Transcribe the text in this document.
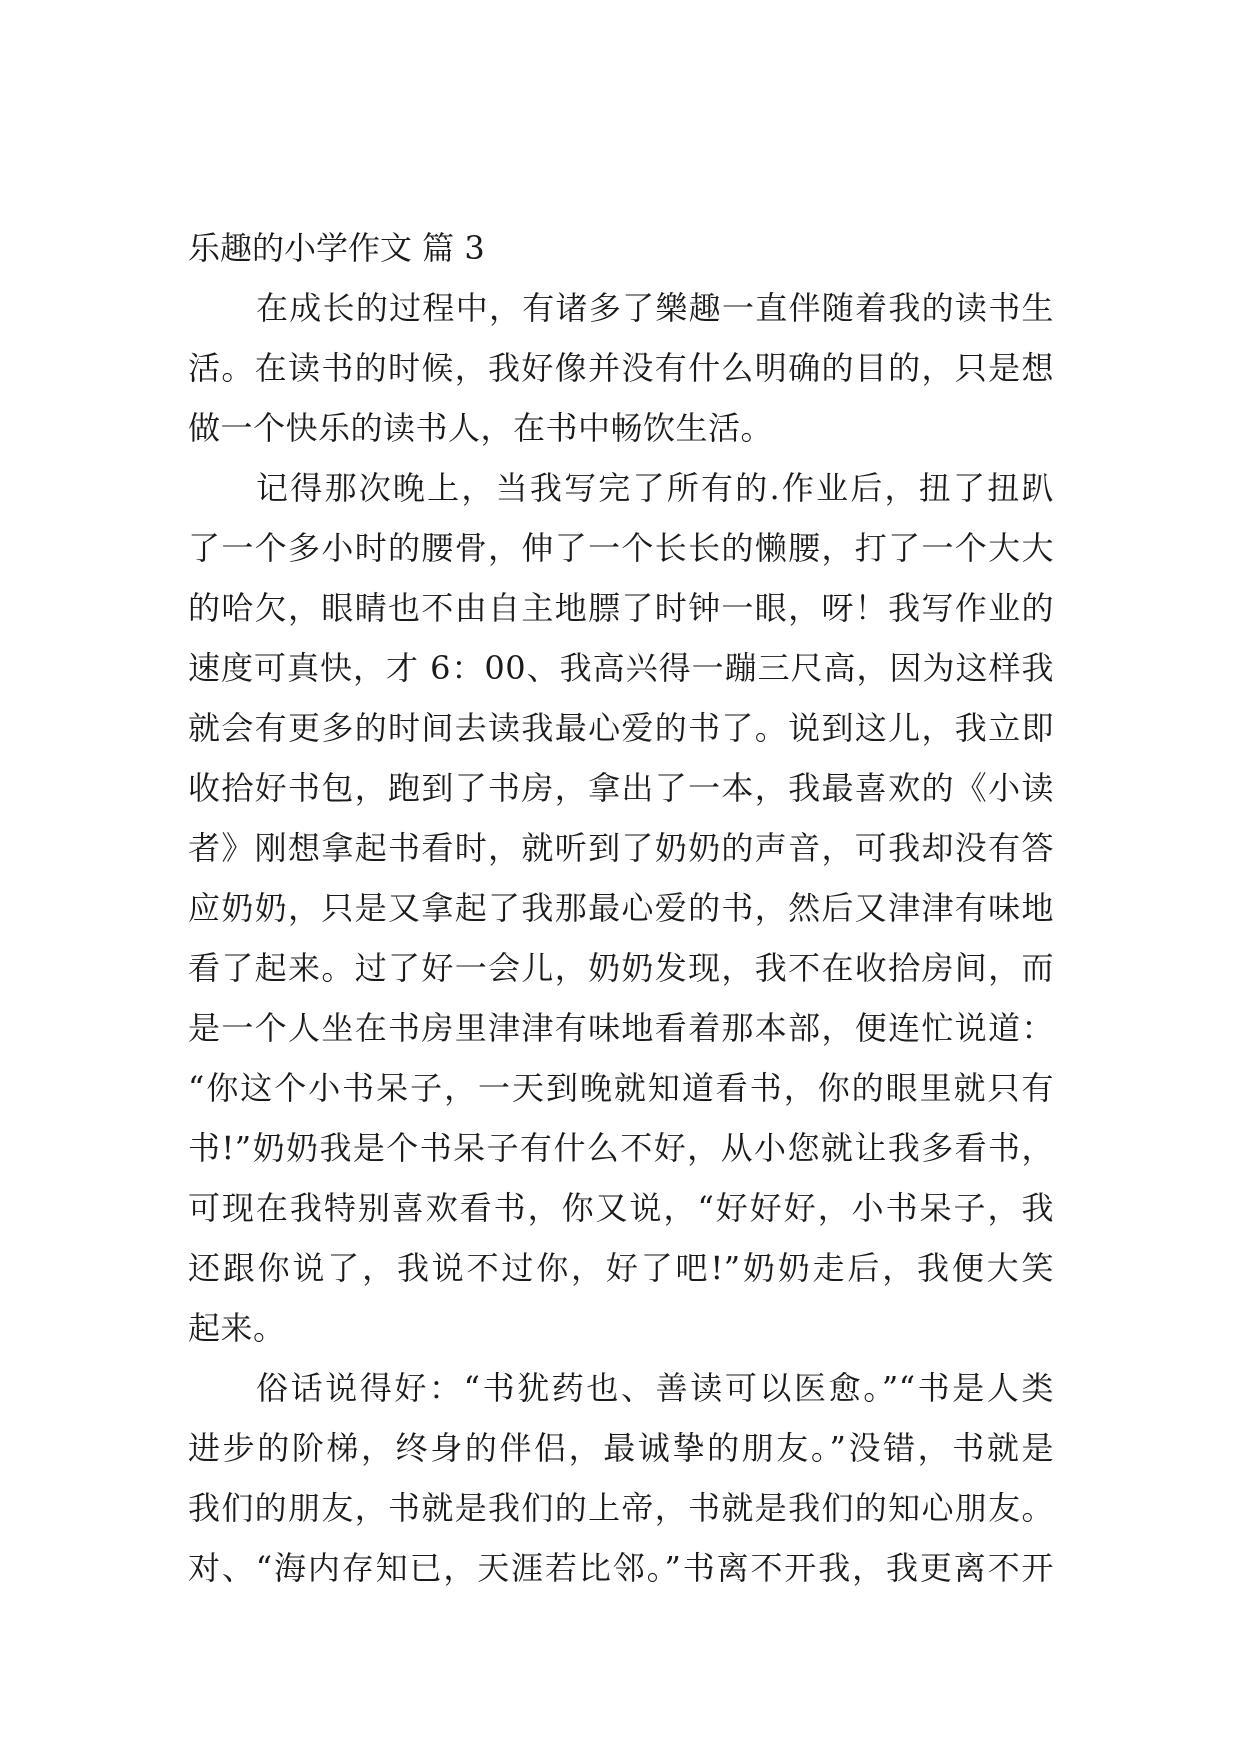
乐趣的小学作文 篇 3
在成长的过程中，有诸多了樂趣一直伴随着我的读书生
活。在读书的时候，我好像并没有什么明确的目的，只是想
做一个快乐的读书人，在书中畅饮生活。
记得那次晚上，当我写完了所有的.作业后，扭了扭趴
了一个多小时的腰骨，伸了一个长长的懒腰，打了一个大大
的哈欠，眼睛也不由自主地膘了时钟一眼，呀！我写作业的
速度可真快，才 6：00、我高兴得一蹦三尺高，因为这样我
就会有更多的时间去读我最心爱的书了。说到这儿，我立即
收拾好书包，跑到了书房，拿出了一本，我最喜欢的《小读
者》刚想拿起书看时，就听到了奶奶的声音，可我却没有答
应奶奶，只是又拿起了我那最心爱的书，然后又津津有味地
看了起来。过了好一会儿，奶奶发现，我不在收拾房间，而
是一个人坐在书房里津津有味地看着那本部，便连忙说道：
“你这个小书呆子，一天到晚就知道看书，你的眼里就只有
书!”奶奶我是个书呆子有什么不好，从小您就让我多看书，
可现在我特别喜欢看书，你又说，“好好好，小书呆子，我
还跟你说了，我说不过你，好了吧!”奶奶走后，我便大笑
起来。
俗话说得好：“书犹药也、善读可以医愈。”“书是人类
进步的阶梯，终身的伴侣，最诚挚的朋友。”没错，书就是
我们的朋友，书就是我们的上帝，书就是我们的知心朋友。
对、“海内存知已，天涯若比邻。”书离不开我，我更离不开
